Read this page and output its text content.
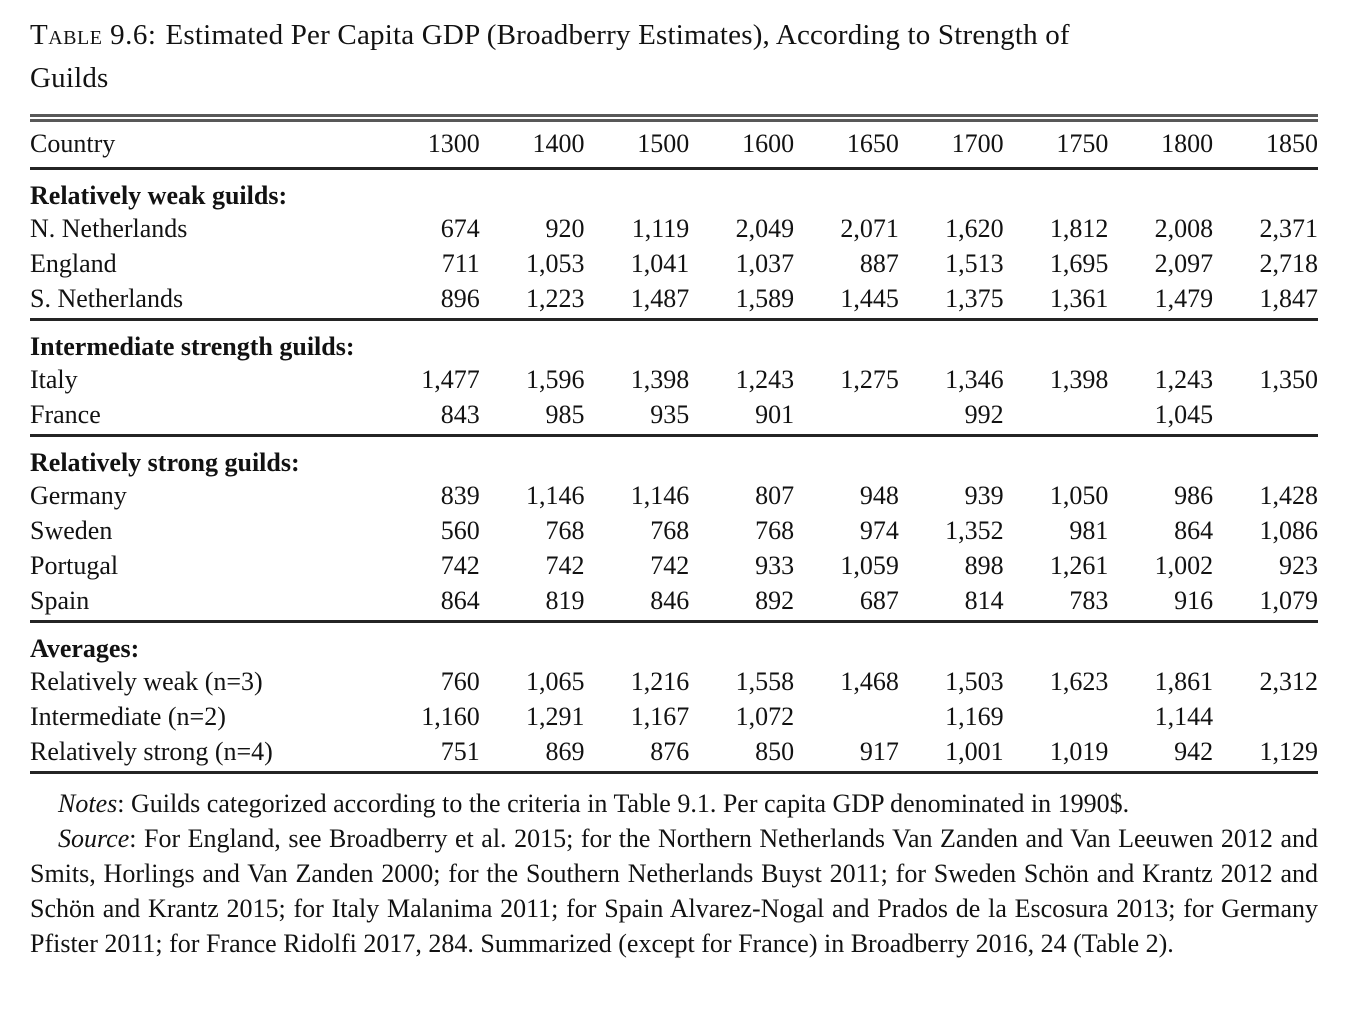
Table 9.6: Estimated Per Capita GDP (Broadberry Estimates), According to Strength of Guilds
Country	1300	1400	1500	1600	1650	1700	1750	1800	1850
Relatively weak guilds:									
N. Netherlands	674	920	1,119	2,049	2,071	1,620	1,812	2,008	2,371
England	711	1,053	1,041	1,037	887	1,513	1,695	2,097	2,718
S. Netherlands	896	1,223	1,487	1,589	1,445	1,375	1,361	1,479	1,847
Intermediate strength guilds:									
Italy	1,477	1,596	1,398	1,243	1,275	1,346	1,398	1,243	1,350
France	843	985	935	901		992		1,045	
Relatively strong guilds:									
Germany	839	1,146	1,146	807	948	939	1,050	986	1,428
Sweden	560	768	768	768	974	1,352	981	864	1,086
Portugal	742	742	742	933	1,059	898	1,261	1,002	923
Spain	864	819	846	892	687	814	783	916	1,079
Averages:									
Relatively weak (n=3)	760	1,065	1,216	1,558	1,468	1,503	1,623	1,861	2,312
Intermediate (n=2)	1,160	1,291	1,167	1,072		1,169		1,144	
Relatively strong (n=4)	751	869	876	850	917	1,001	1,019	942	1,129

Notes: Guilds categorized according to the criteria in Table 9.1. Per capita GDP denominated in 1990$.

Source: For England, see Broadberry et al. 2015; for the Northern Netherlands Van Zanden and Van Leeuwen 2012 and Smits, Horlings and Van Zanden 2000; for the Southern Netherlands Buyst 2011; for Sweden Schön and Krantz 2012 and Schön and Krantz 2015; for Italy Malanima 2011; for Spain Alvarez-Nogal and Prados de la Escosura 2013; for Germany Pfister 2011; for France Ridolfi 2017, 284. Summarized (except for France) in Broadberry 2016, 24 (Table 2).
